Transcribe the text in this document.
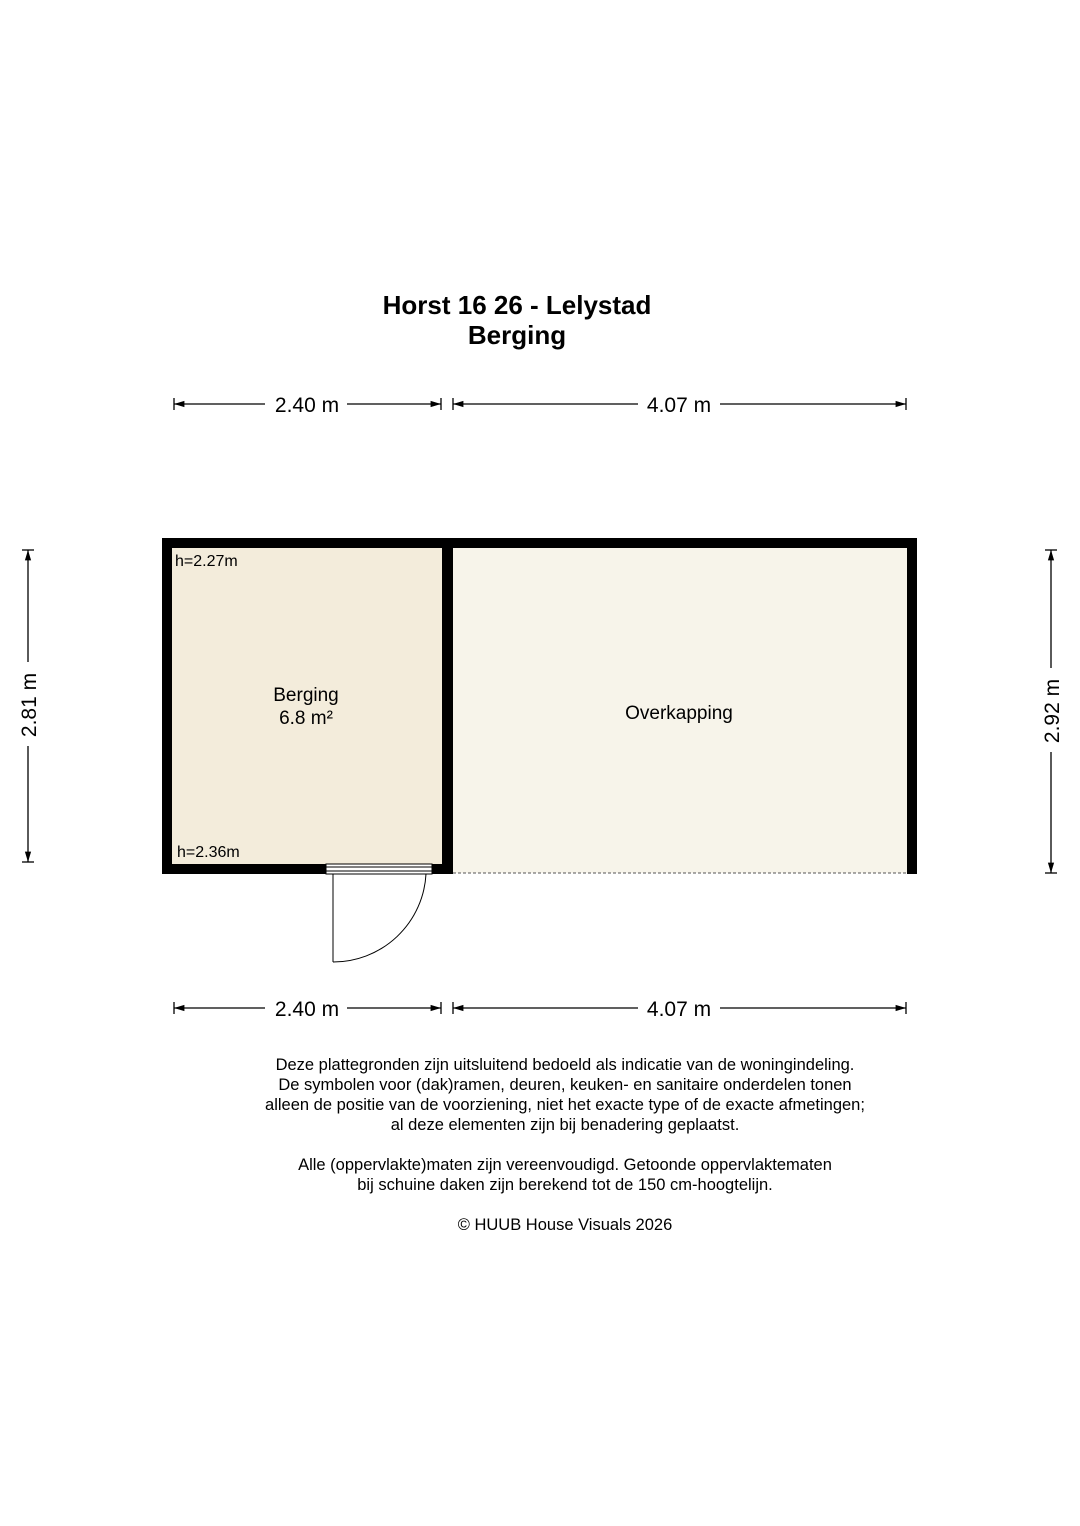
Horst 16 26 - Lelystad
Berging
2.40 m	4.07 m
2.40 m	4.07 m
2.81 m	2.92 m
h=2.27m
h=2.36m
Berging
6.8 m²	Overkapping

Deze plattegronden zijn uitsluitend bedoeld als indicatie van de woningindeling.

De symbolen voor (dak)ramen, deuren, keuken- en sanitaire onderdelen tonen

alleen de positie van de voorziening, niet het exacte type of de exacte afmetingen;

al deze elementen zijn bij benadering geplaatst.

Alle (oppervlakte)maten zijn vereenvoudigd. Getoonde oppervlaktematen

bij schuine daken zijn berekend tot de 150 cm-hoogtelijn.

© HUUB House Visuals 2026
